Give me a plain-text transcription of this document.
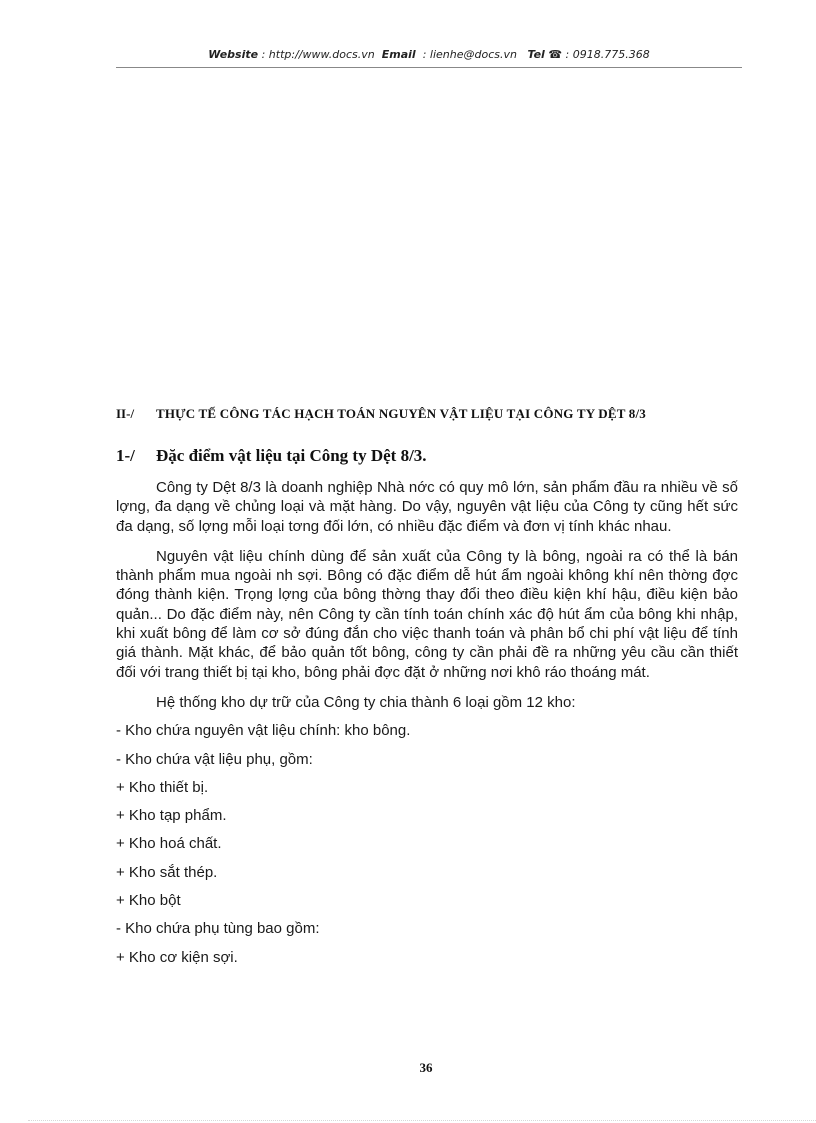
Website : http://www.docs.vn Email : lienhe@docs.vn Tel ☎ : 0918.775.368
II-/ THỰC TẾ CÔNG TÁC HẠCH TOÁN NGUYÊN VẬT LIỆU TẠI CÔNG TY DỆT 8/3
1-/ Đặc điểm vật liệu tại Công ty Dệt 8/3.

Công ty Dệt 8/3 là doanh nghiệp Nhà nớc có quy mô lớn, sản phẩm đầu ra nhiều về số lợng, đa dạng về chủng loại và mặt hàng. Do vậy, nguyên vật liệu của Công ty cũng hết sức đa dạng, số lợng mỗi loại tơng đối lớn, có nhiều đặc điểm và đơn vị tính khác nhau.

Nguyên vật liệu chính dùng để sản xuất của Công ty là bông, ngoài ra có thể là bán thành phẩm mua ngoài nh sợi. Bông có đặc điểm dễ hút ẩm ngoài không khí nên thờng đợc đóng thành kiện. Trọng lợng của bông thờng thay đổi theo điều kiện khí hậu, điều kiện bảo quản... Do đặc điểm này, nên Công ty cần tính toán chính xác độ hút ẩm của bông khi nhập, khi xuất bông để làm cơ sở đúng đắn cho việc thanh toán và phân bổ chi phí vật liệu để tính giá thành. Mặt khác, để bảo quản tốt bông, công ty cần phải đề ra những yêu cầu cần thiết đối với trang thiết bị tại kho, bông phải đợc đặt ở những nơi khô ráo thoáng mát.

Hệ thống kho dự trữ của Công ty chia thành 6 loại gồm 12 kho:
- Kho chứa nguyên vật liệu chính: kho bông.
- Kho chứa vật liệu phụ, gồm:
+ Kho thiết bị.
+ Kho tạp phẩm.
+ Kho hoá chất.
+ Kho sắt thép.
+ Kho bột
- Kho chứa phụ tùng bao gồm:
+ Kho cơ kiện sợi.
36
